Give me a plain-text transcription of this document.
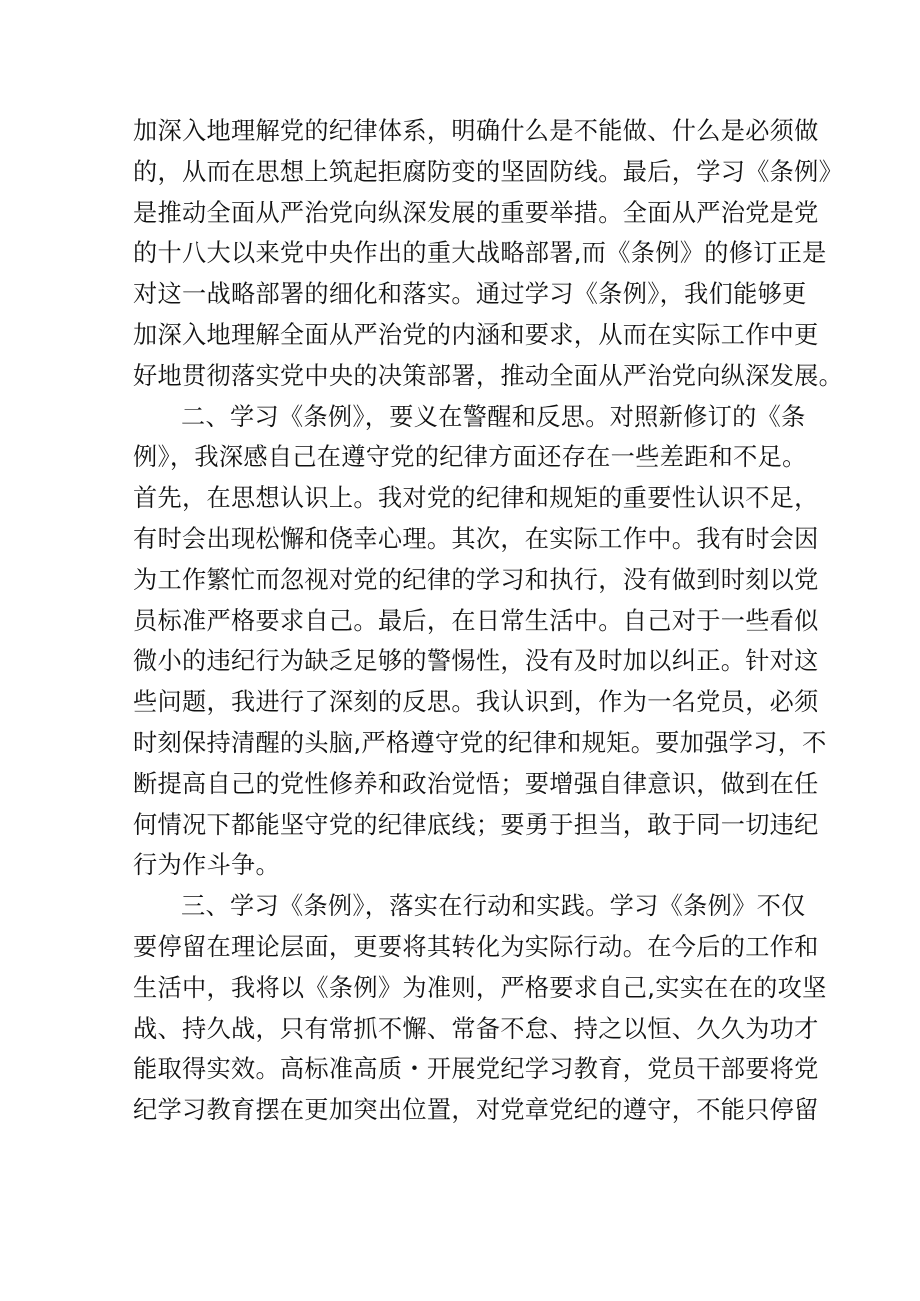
加深入地理解党的纪律体系，明确什么是不能做、什么是必须做
的，从而在思想上筑起拒腐防变的坚固防线。最后，学习《条例》
是推动全面从严治党向纵深发展的重要举措。全面从严治党是党
的十八大以来党中央作出的重大战略部署,而《条例》的修订正是
对这一战略部署的细化和落实。通过学习《条例》，我们能够更
加深入地理解全面从严治党的内涵和要求，从而在实际工作中更
好地贯彻落实党中央的决策部署，推动全面从严治党向纵深发展。
二、学习《条例》，要义在警醒和反思。对照新修订的《条
例》，我深感自己在遵守党的纪律方面还存在一些差距和不足。
首先，在思想认识上。我对党的纪律和规矩的重要性认识不足，
有时会出现松懈和侥幸心理。其次，在实际工作中。我有时会因
为工作繁忙而忽视对党的纪律的学习和执行，没有做到时刻以党
员标准严格要求自己。最后，在日常生活中。自己对于一些看似
微小的违纪行为缺乏足够的警惕性，没有及时加以纠正。针对这
些问题，我进行了深刻的反思。我认识到，作为一名党员，必须
时刻保持清醒的头脑,严格遵守党的纪律和规矩。要加强学习，不
断提高自己的党性修养和政治觉悟；要增强自律意识，做到在任
何情况下都能坚守党的纪律底线；要勇于担当，敢于同一切违纪
行为作斗争。
三、学习《条例》，落实在行动和实践。学习《条例》不仅
要停留在理论层面，更要将其转化为实际行动。在今后的工作和
生活中，我将以《条例》为准则，严格要求自己,实实在在的攻坚
战、持久战，只有常抓不懈、常备不怠、持之以恒、久久为功才
能取得实效。高标准高质・开展党纪学习教育，党员干部要将党
纪学习教育摆在更加突出位置，对党章党纪的遵守，不能只停留
